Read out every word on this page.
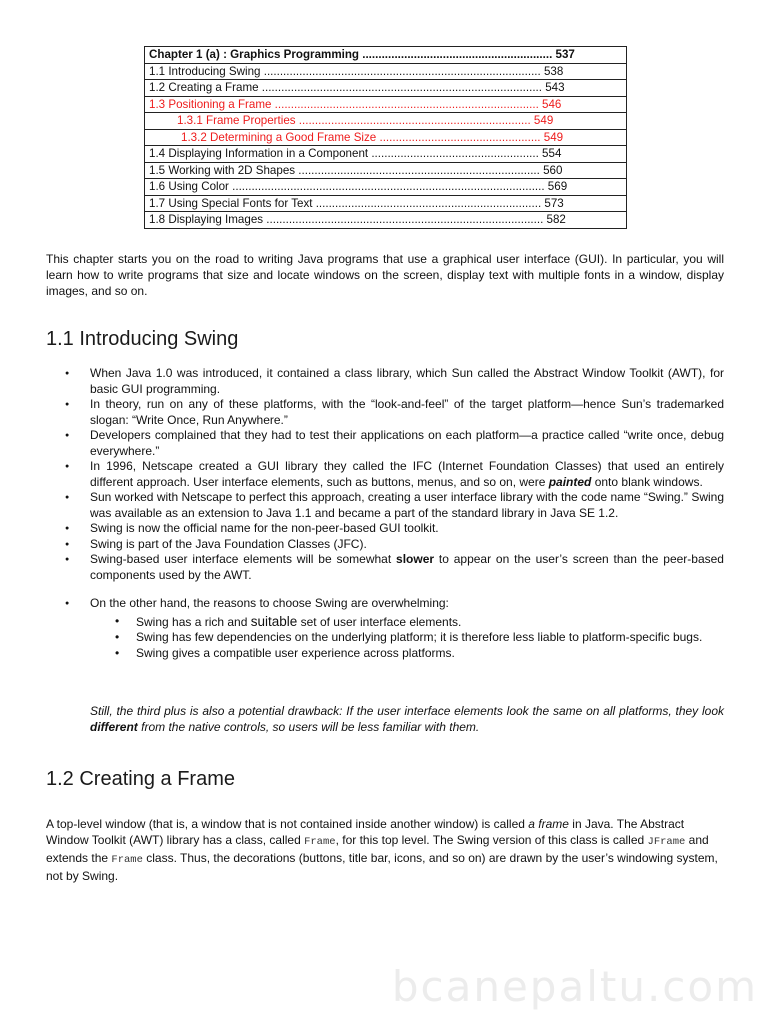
Chapter 1 (a) : Graphics Programming ........................................................... 537
1.1 Introducing Swing ...................................................................................... 538
1.2 Creating a Frame ....................................................................................... 543
1.3 Positioning a Frame .................................................................................. 546
1.3.1 Frame Properties ........................................................................ 549
1.3.2 Determining a Good Frame Size .................................................. 549
1.4 Displaying Information in a Component .................................................... 554
1.5 Working with 2D Shapes ........................................................................... 560
1.6 Using Color ................................................................................................. 569
1.7 Using Special Fonts for Text ...................................................................... 573
1.8 Displaying Images ...................................................................................... 582

This chapter starts you on the road to writing Java programs that use a graphical user interface (GUI). In particular, you will learn how to write programs that size and locate windows on the screen, display text with multiple fonts in a window, display images, and so on.

1.1 Introducing Swing
● When Java 1.0 was introduced, it contained a class library, which Sun called the Abstract Window Toolkit (AWT), for basic GUI programming.
● In theory, run on any of these platforms, with the “look-and-feel” of the target platform—hence Sun’s trademarked slogan: “Write Once, Run Anywhere.”
● Developers complained that they had to test their applications on each platform—a practice called “write once, debug everywhere.”
● In 1996, Netscape created a GUI library they called the IFC (Internet Foundation Classes) that used an entirely different approach. User interface elements, such as buttons, menus, and so on, were painted onto blank windows.
● Sun worked with Netscape to perfect this approach, creating a user interface library with the code name “Swing.” Swing was available as an extension to Java 1.1 and became a part of the standard library in Java SE 1.2.
● Swing is now the official name for the non-peer-based GUI toolkit.
● Swing is part of the Java Foundation Classes (JFC).
● Swing-based user interface elements will be somewhat slower to appear on the user’s screen than the peer-based components used by the AWT.
● On the other hand, the reasons to choose Swing are overwhelming:
• Swing has a rich and suitable set of user interface elements.
• Swing has few dependencies on the underlying platform; it is therefore less liable to platform-specific bugs.
• Swing gives a compatible user experience across platforms.

Still, the third plus is also a potential drawback: If the user interface elements look the same on all platforms, they look different from the native controls, so users will be less familiar with them.

1.2 Creating a Frame

A top-level window (that is, a window that is not contained inside another window) is called a frame in Java. The Abstract Window Toolkit (AWT) library has a class, called Frame, for this top level. The Swing version of this class is called JFrame and extends the Frame class. Thus, the decorations (buttons, title bar, icons, and so on) are drawn by the user’s windowing system, not by Swing.

bcanepaltu.com
